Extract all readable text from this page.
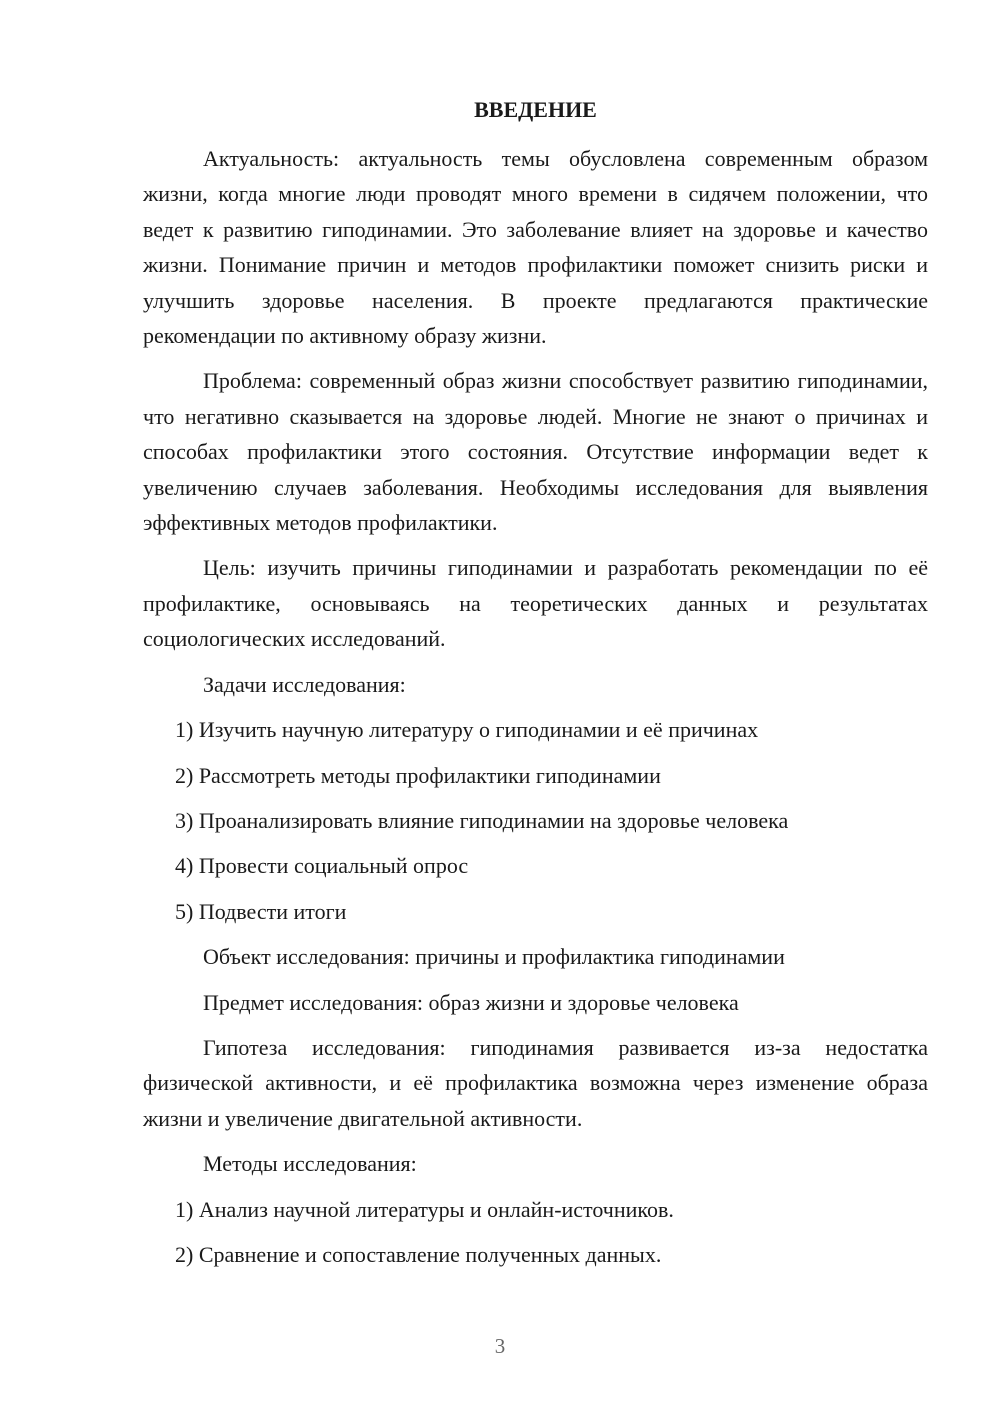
ВВЕДЕНИЕ

Актуальность: актуальность темы обусловлена современным образом жизни, когда многие люди проводят много времени в сидячем положении, что ведет к развитию гиподинамии. Это заболевание влияет на здоровье и качество жизни. Понимание причин и методов профилактики поможет снизить риски и улучшить здоровье населения. В проекте предлагаются практические рекомендации по активному образу жизни.

Проблема: современный образ жизни способствует развитию гиподинамии, что негативно сказывается на здоровье людей. Многие не знают о причинах и способах профилактики этого состояния. Отсутствие информации ведет к увеличению случаев заболевания. Необходимы исследования для выявления эффективных методов профилактики.

Цель: изучить причины гиподинамии и разработать рекомендации по её профилактике, основываясь на теоретических данных и результатах социологических исследований.

Задачи исследования:
1) Изучить научную литературу о гиподинамии и её причинах
2) Рассмотреть методы профилактики гиподинамии
3) Проанализировать влияние гиподинамии на здоровье человека
4) Провести социальный опрос
5) Подвести итоги
Объект исследования: причины и профилактика гиподинамии
Предмет исследования: образ жизни и здоровье человека

Гипотеза исследования: гиподинамия развивается из-за недостатка физической активности, и её профилактика возможна через изменение образа жизни и увеличение двигательной активности.

Методы исследования:
1) Анализ научной литературы и онлайн-источников.
2) Сравнение и сопоставление полученных данных.
3
